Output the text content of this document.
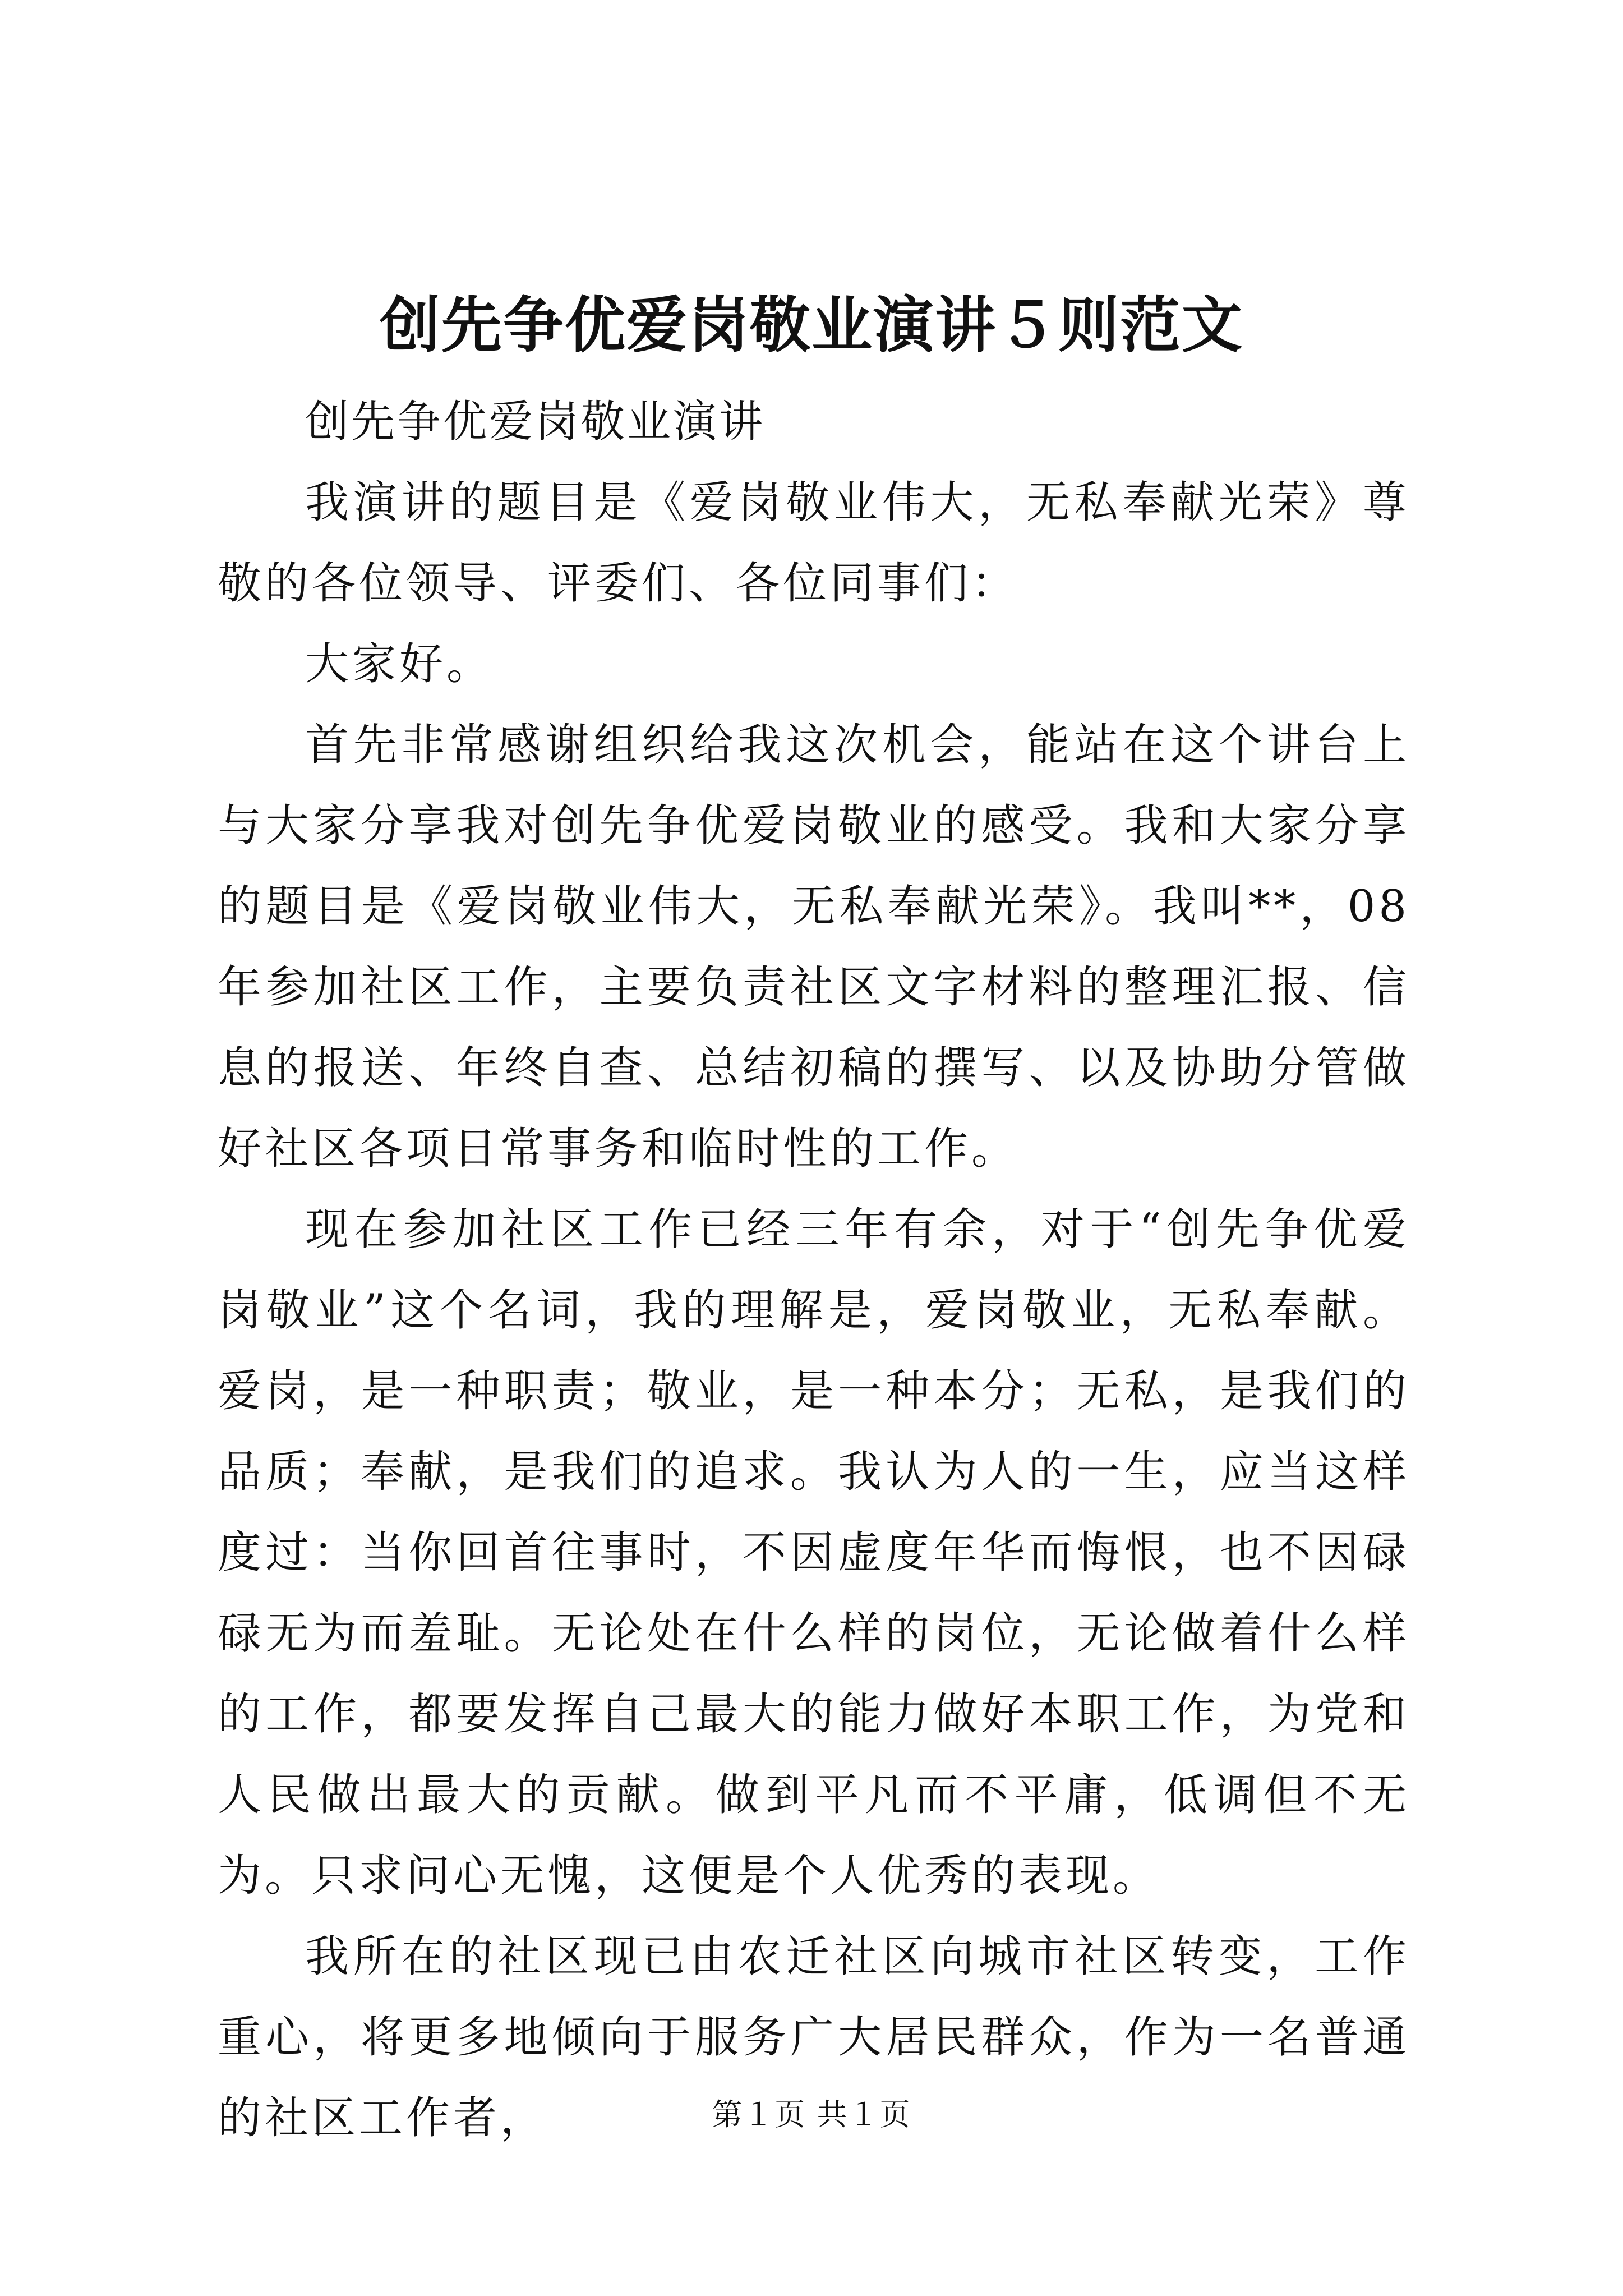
创先争优爱岗敬业演讲５则范文

创先争优爱岗敬业演讲

我演讲的题目是《爱岗敬业伟大，无私奉献光荣》尊敬的各位领导、评委们、各位同事们：

大家好。

首先非常感谢组织给我这次机会，能站在这个讲台上与大家分享我对创先争优爱岗敬业的感受。我和大家分享的题目是《爱岗敬业伟大，无私奉献光荣》。我叫**，08年参加社区工作，主要负责社区文字材料的整理汇报、信息的报送、年终自查、总结初稿的撰写、以及协助分管做好社区各项日常事务和临时性的工作。

现在参加社区工作已经三年有余，对于“创先争优爱岗敬业”这个名词，我的理解是，爱岗敬业，无私奉献。爱岗，是一种职责；敬业，是一种本分；无私，是我们的品质；奉献，是我们的追求。我认为人的一生，应当这样度过：当你回首往事时，不因虚度年华而悔恨，也不因碌碌无为而羞耻。无论处在什么样的岗位，无论做着什么样的工作，都要发挥自己最大的能力做好本职工作，为党和人民做出最大的贡献。做到平凡而不平庸，低调但不无为。只求问心无愧，这便是个人优秀的表现。

我所在的社区现已由农迁社区向城市社区转变，工作重心，将更多地倾向于服务广大居民群众，作为一名普通的社区工作者，	第１页 共１页
